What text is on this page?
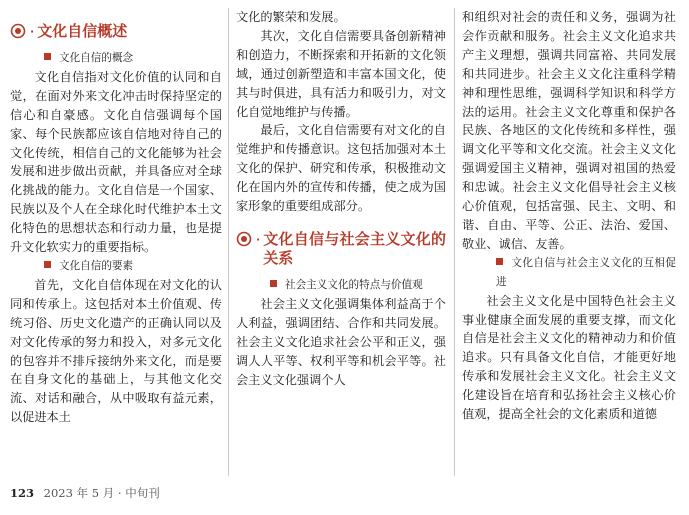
· 文化自信概述
文化自信的概念

文化自信指对文化价值的认同和自觉，在面对外来文化冲击时保持坚定的信心和自豪感。文化自信强调每个国家、每个民族都应该自信地对待自己的文化传统，相信自己的文化能够为社会发展和进步做出贡献，并具备应对全球化挑战的能力。文化自信是一个国家、民族以及个人在全球化时代维护本土文化特色的思想状态和行动力量，也是提升文化软实力的重要指标。

文化自信的要素

首先，文化自信体现在对文化的认同和传承上。这包括对本土价值观、传统习俗、历史文化遗产的正确认同以及对文化传承的努力和投入，对多元文化的包容并不排斥接纳外来文化，而是要在自身文化的基础上，与其他文化交流、对话和融合，从中吸取有益元素，以促进本土

文化的繁荣和发展。

其次，文化自信需要具备创新精神和创造力，不断探索和开拓新的文化领域，通过创新塑造和丰富本国文化，使其与时俱进，具有活力和吸引力，对文化自觉地维护与传播。

最后，文化自信需要有对文化的自觉维护和传播意识。这包括加强对本土文化的保护、研究和传承，积极推动文化在国内外的宣传和传播，使之成为国家形象的重要组成部分。

· 文化自信与社会主义文化的关系
社会主义文化的特点与价值观

社会主义文化强调集体利益高于个人利益，强调团结、合作和共同发展。社会主义文化追求社会公平和正义，强调人人平等、权利平等和机会平等。社会主义文化强调个人

和组织对社会的责任和义务，强调为社会作贡献和服务。社会主义文化追求共产主义理想，强调共同富裕、共同发展和共同进步。社会主义文化注重科学精神和理性思维，强调科学知识和科学方法的运用。社会主义文化尊重和保护各民族、各地区的文化传统和多样性，强调文化平等和文化交流。社会主义文化强调爱国主义精神，强调对祖国的热爱和忠诚。社会主义文化倡导社会主义核心价值观，包括富强、民主、文明、和谐、自由、平等、公正、法治、爱国、敬业、诚信、友善。

文化自信与社会主义文化的互相促进

社会主义文化是中国特色社会主义事业健康全面发展的重要支撑，而文化自信是社会主义文化的精神动力和价值追求。只有具备文化自信，才能更好地传承和发展社会主义文化。社会主义文化建设旨在培育和弘扬社会主义核心价值观，提高全社会的文化素质和道德

123 2023 年 5 月 · 中旬刊
